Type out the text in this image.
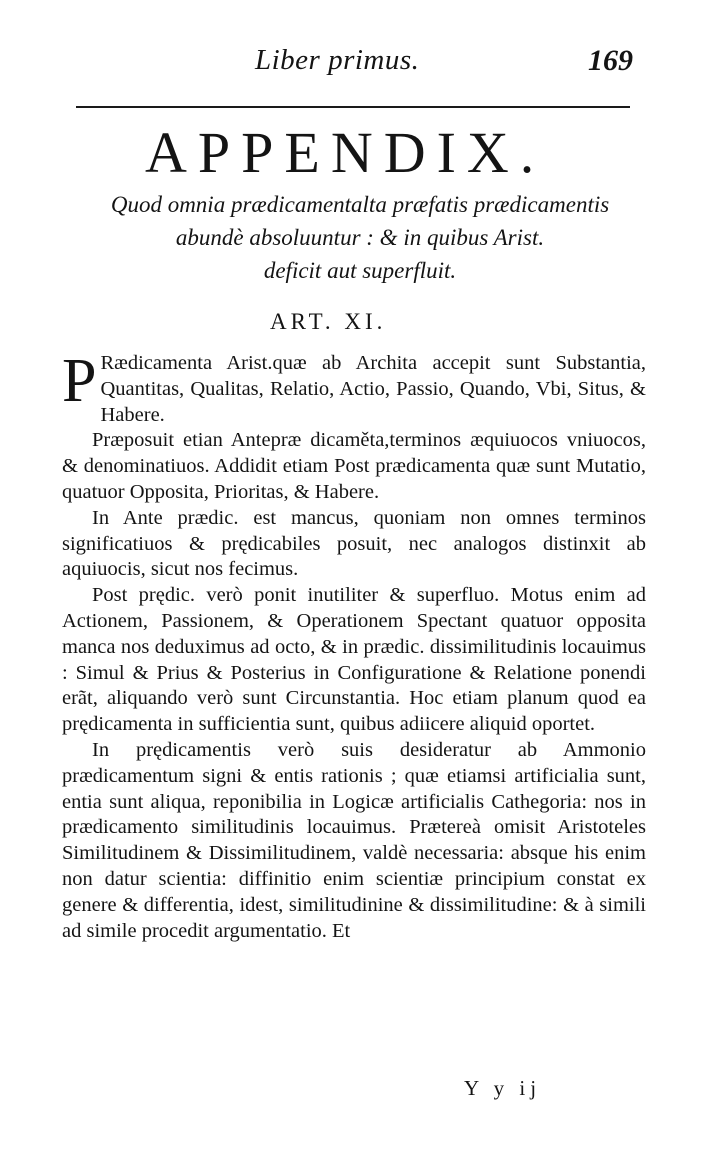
Liber primus.	169
APPENDIX.
Quod omnia prædicamentalta præfatis prædicamentis
abundè absoluuntur : & in quibus Arist.
deficit aut superfluit.
ART. XI.

P Rædicamenta Arist.quæ ab Archita accepit sunt Substantia, Quantitas, Qualitas, Relatio, Actio, Passio, Quando, Vbi, Situs, & Habere.

Præposuit etian Antepræ dicaměta,terminos æquiuocos vniuocos, & denominatiuos. Addidit etiam Post prædicamenta quæ sunt Mutatio, quatuor Opposita, Prioritas, & Habere.

In Ante prædic. est mancus, quoniam non omnes terminos significatiuos & prędicabiles posuit, nec analogos distinxit ab aquiuocis, sicut nos fecimus.

Post prędic. verò ponit inutiliter & superfluo. Motus enim ad Actionem, Passionem, & Operationem Spectant quatuor opposita manca nos deduximus ad octo, & in prædic. dissimilitudinis locauimus : Simul & Prius & Posterius in Configuratione & Relatione ponendi erãt, aliquando verò sunt Circunstantia. Hoc etiam planum quod ea prędicamenta in sufficientia sunt, quibus adiicere aliquid oportet.

In prędicamentis verò suis desideratur ab Ammonio prædicamentum signi & entis rationis ; quæ etiamsi artificialia sunt, entia sunt aliqua, reponibilia in Logicæ artificialis Cathegoria: nos in prædicamento similitudinis locauimus. Prætereà omisit Aristoteles Similitudinem & Dissimilitudinem, valdè necessaria: absque his enim non datur scientia: diffinitio enim scientiæ principium constat ex genere & differentia, idest, similitudinine & dissimilitudine: & à simili ad simile procedit argumentatio. Et

Y y ij
